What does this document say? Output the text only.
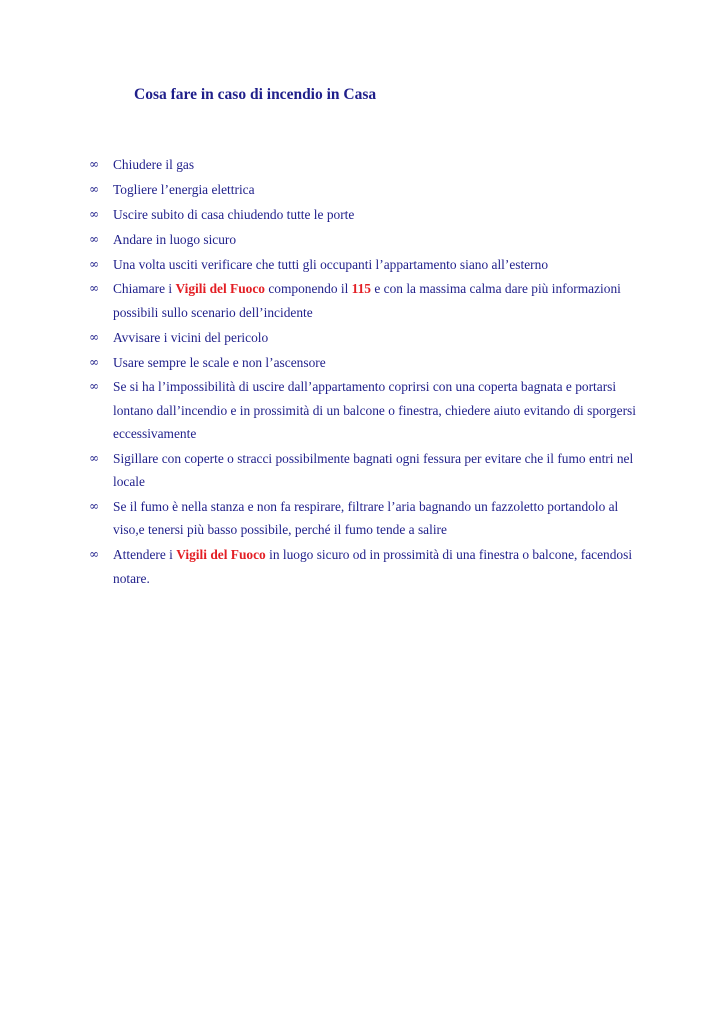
Cosa fare in caso di incendio in Casa
∞	Chiudere il gas
∞	Togliere l’energia elettrica
∞	Uscire subito di casa chiudendo tutte le porte
∞	Andare in luogo sicuro
∞	Una volta usciti verificare che tutti gli occupanti l’appartamento siano all’esterno
∞	Chiamare i Vigili del Fuoco componendo il 115 e con la massima calma dare più informazioni possibili sullo scenario dell’incidente
∞	Avvisare i vicini del pericolo
∞	Usare sempre le scale e non l’ascensore
∞	Se si ha l’impossibilità di uscire dall’appartamento coprirsi con una coperta bagnata e portarsi lontano dall’incendio e in prossimità di un balcone o finestra, chiedere aiuto evitando di sporgersi eccessivamente
∞	Sigillare con coperte o stracci possibilmente bagnati ogni fessura per evitare che il fumo entri nel locale
∞	Se il fumo è nella stanza e non fa respirare, filtrare l’aria bagnando un fazzoletto portandolo al viso,e tenersi più basso possibile, perché il fumo tende a salire
∞	Attendere i Vigili del Fuoco in luogo sicuro od in prossimità di una finestra o balcone, facendosi notare.
